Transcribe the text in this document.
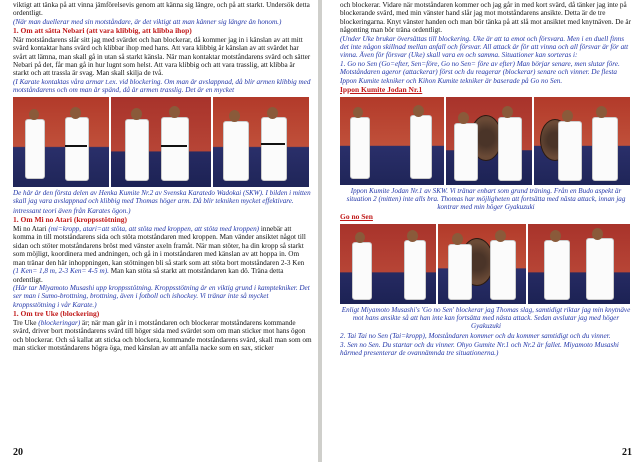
viktigt att tänka på att vinna jämförelsevis genom att känna sig längre, och på att starkt. Undersök detta ordentligt.

(När man duellerar med sin motståndare, är det viktigt att man känner sig längre än honom.)

1. Om att sätta Nebari (att vara klibbig, att klibba ihop)

När motståndarens slår sitt jag med svärdet och han blockerar, då kommer jag in i känslan av att mitt svärd kontaktar hans svärd och klibbar ihop med hans. Att vara klibbig är känslan av att svärdet har svårt att lämna, man skall gå in utan så starkt känsla. När man kontaktar motståndarens svärd och sätter Nebari på det, får man gå in hur lugnt som helst. Att vara klibbig och att vara trasslig, att klibba är starkt och att trassla är svag. Man skall skilja de två.

(I Karate kontaktas våra armar t.ex. vid blockering. Om man är avslappnad, då blir armen klibbig med motståndarens och om man är spänd, då är armen trasslig. Det är en mycket

De här är den första delen av Henka Kumite Nr.2 av Svenska Karatedo Wadokai (SKW). I bilden i mitten skall jag vara avslappnad och klibbig med Thomas höger arm. Då blir tekniken mycket effektivare.

intressant teori även från Karates ögon.)

1. Om Mi no Atari (kroppsstötning)

Mi no Atari (mi=kropp, atari=att stöta, att stöta med kroppen, att stöta med kroppen) innebär att komma in till motståndarens sida och stöta motståndaren med kroppen. Man vänder ansiktet något till sidan och stöter motståndarens bröst med vänster axeln framåt. När man stöter, ha din kropp så starkt som möjligt, koordinera med andningen, och gå in i motståndaren med känslan av att hoppa in. Om man tränar den här inhoppningen, kan stötningen bli så stark som att stöta bort motståndaren 2-3 Ken (1 Ken= 1,8 m, 2-3 Ken= 4-5 m). Man kan stöta så starkt att motståndaren kan dö. Träna detta ordentligt.

(Här tar Miyamoto Musashi upp kroppsstötning. Kroppsstötning är en viktig grund i kamptekniker. Det ser man i Sumo-brottning, brottning, även i fotboll och ishockey. Vi tränar inte så mycket kroppsstötning i vår Karate.)

1. Om tre Uke (blockering)

Tre Uke (blockeringar) är; när man går in i motståndaren och blockerar motståndarens kommande svärd, driver bort motståndarens svärd till höger sida med svärdet som om man sticker mot hans ögon och blockerar. Och så kallat att sticka och blockera, kommande motståndarens svärd, skall man som om man sticker motståndarens högra öga, med känslan av att anfalla nacke som en sax, sticker

20

och blockerar. Vidare när motståndaren kommer och jag går in med kort svärd, då tänker jag inte på blockerande svärd, med min vänster hand slår jag mot motståndarens ansikte. Detta är de tre blockeringarna. Knyt vänster handen och man bör tänka på att slå mot ansiktet med knytnäven. De är någonting man bör träna ordentligt.

(Under Uke brukar översättas till blockering. Uke är att ta emot och försvara. Men i en duell finns det inte någon skillnad mellan anfall och försvar. All attack är för att vinna och all försvar är för att vinna. Även för försvar (Uke) skall vara en och samma. Situationer kan sorteras i:

1. Go no Sen (Go=efter, Sen=före, Go no Sen= före av efter) Man börjar senare, men slutar före. Motståndaren ageror (attackerar) först och du reagerar (blockerar) senare och vinner. De flesta Ippon Kumite tekniker och Kihon Kumite tekniker är baserade på Go no Sen.

Ippon Kumite Jodan Nr.1

Ippon Kumite Jodan Nr.1 av SKW. Vi tränar enbart som grund träning. Från en Budo aspekt är situation 2 (mitten) inte alls bra. Thomas har möjligheten att fortsätta med nästa attack, innan jag kontrar med min höger Gyakuzuki

Go no Sen

Enligt Miyamoto Musashi's 'Go no Sen' blockerar jag Thomas slag, samtidigt riktar jag min knytnäve mot hans ansikte så att han inte kan fortsätta med nästa attack. Sedan avslutar jag med höger Gyakuzuki

2. Tai Tai no Sen (Tai=kropp), Motståndaren kommer och du kommer samtidigt och du vinner.

3. Sen no Sen. Du startar och du vinner. Ohyo Gumite Nr.1 och Nr.2 är fallet. Miyamoto Musashi härmed presenterar de ovannämnda tre situationerna.)

21
